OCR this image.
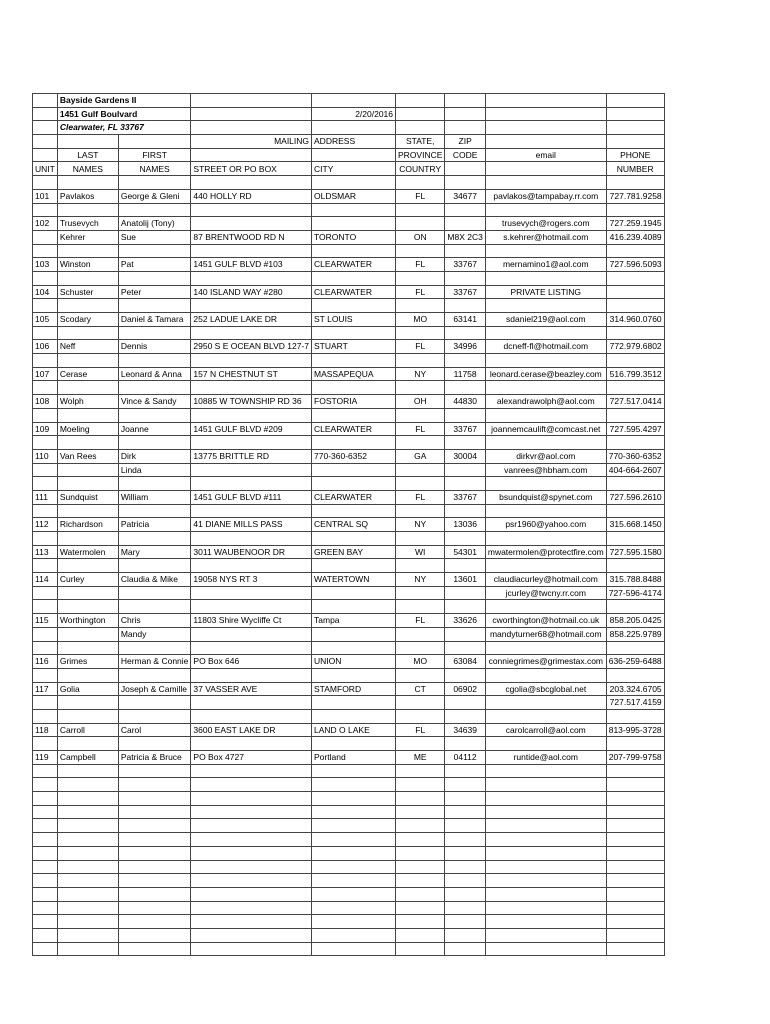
	Bayside Gardens II							
	1451 Gulf Boulvard			2/20/2016				
	Clearwater, FL 33767							
			MAILING	ADDRESS	STATE,	ZIP		
	LAST	FIRST			PROVINCE	CODE	email	PHONE
UNIT	NAMES	NAMES	STREET OR PO BOX	CITY	COUNTRY			NUMBER

101	Pavlakos	George & Gleni	440 HOLLY RD	OLDSMAR	FL	34677	pavlakos@tampabay.rr.com	727.781.9258

102	Trusevych	Anatolij (Tony)					trusevych@rogers.com	727.259.1945
	Kehrer	Sue	87 BRENTWOOD RD N	TORONTO	ON	M8X 2C3	s.kehrer@hotmail.com	416.239.4089

103	Winston	Pat	1451 GULF BLVD #103	CLEARWATER	FL	33767	mernamino1@aol.com	727.596.5093

104	Schuster	Peter	140 ISLAND WAY #280	CLEARWATER	FL	33767	PRIVATE LISTING	

105	Scodary	Daniel & Tamara	252 LADUE LAKE DR	ST LOUIS	MO	63141	sdaniel219@aol.com	314.960.0760

106	Neff	Dennis	2950 S E OCEAN BLVD 127-7	STUART	FL	34996	dcneff-fl@hotmail.com	772.979.6802

107	Cerase	Leonard & Anna	157 N CHESTNUT ST	MASSAPEQUA	NY	11758	leonard.cerase@beazley.com	516.799.3512

108	Wolph	Vince & Sandy	10885 W TOWNSHIP RD 36	FOSTORIA	OH	44830	alexandrawolph@aol.com	727.517.0414

109	Moeling	Joanne	1451 GULF BLVD #209	CLEARWATER	FL	33767	joannemcaulift@comcast.net	727.595.4297

110	Van Rees	Dirk	13775 BRITTLE RD	770-360-6352	GA	30004	dirkvr@aol.com	770-360-6352
		Linda					vanrees@hbham.com	404-664-2607

111	Sundquist	William	1451 GULF BLVD #111	CLEARWATER	FL	33767	bsundquist@spynet.com	727.596.2610

112	Richardson	Patricia	41 DIANE MILLS PASS	CENTRAL SQ	NY	13036	psr1960@yahoo.com	315.668.1450

113	Watermolen	Mary	3011 WAUBENOOR DR	GREEN BAY	WI	54301	mwatermolen@protectfire.com	727.595.1580

114	Curley	Claudia & Mike	19058 NYS RT 3	WATERTOWN	NY	13601	claudiacurley@hotmail.com	315.788.8488
							jcurley@twcny.rr.com	727-596-4174

115	Worthington	Chris	11803 Shire Wycliffe Ct	Tampa	FL	33626	cworthington@hotmail.co.uk	858.205.0425
		Mandy					mandyturner68@hotmail.com	858.225.9789

116	Grimes	Herman & Connie	PO Box 646	UNION	MO	63084	conniegrimes@grimestax.com	636-259-6488

117	Golia	Joseph & Camille	37 VASSER AVE	STAMFORD	CT	06902	cgolia@sbcglobal.net	203.324.6705
								727.517.4159

118	Carroll	Carol	3600 EAST LAKE DR	LAND O LAKE	FL	34639	carolcarroll@aol.com	813-995-3728

119	Campbell	Patricia & Bruce	PO Box 4727	Portland	ME	04112	runtide@aol.com	207-799-9758
